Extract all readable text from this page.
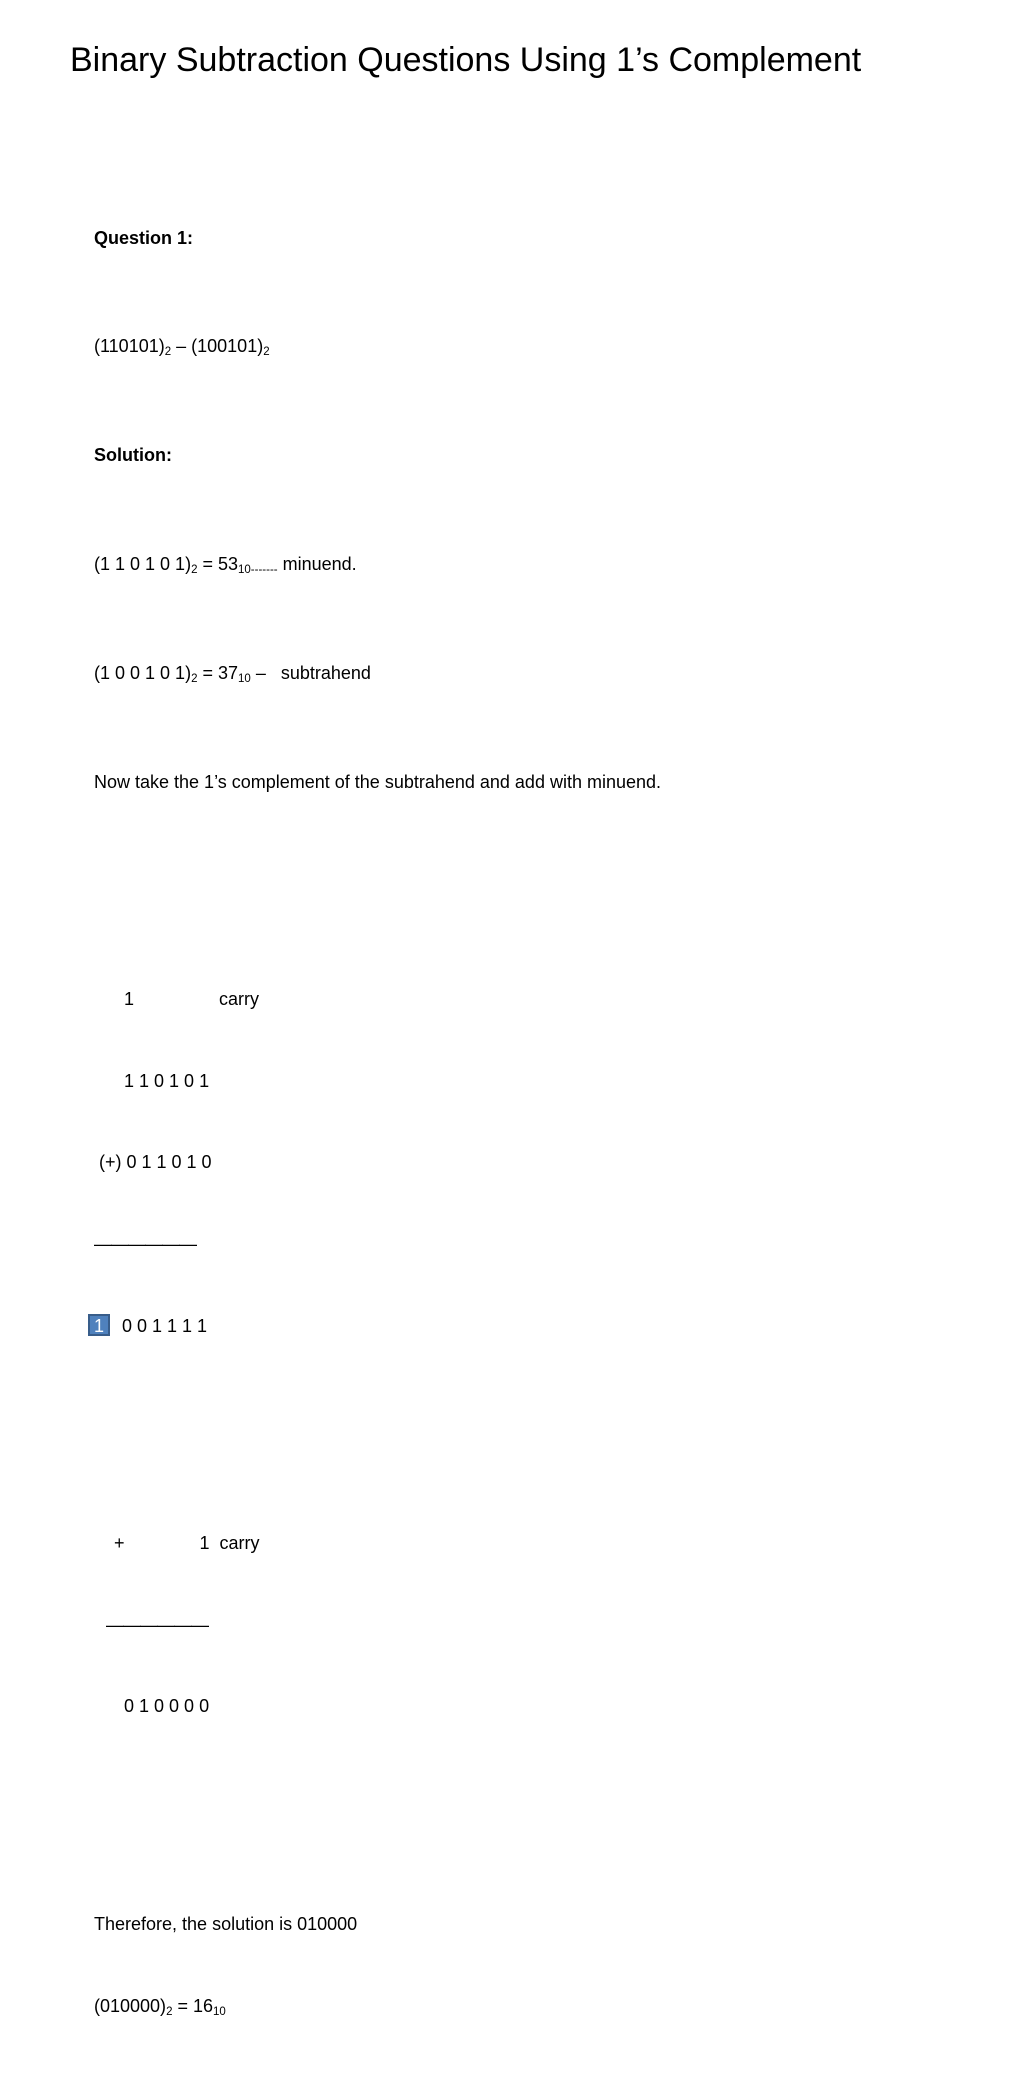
Binary Subtraction Questions Using 1’s Complement

Question 1:

$(110101)_2 - (100101)_2$

Solution:

(1 1 0 1 0 $1)_2 = 53_{10-------}$ minuend.

(1 0 0 1 0 $1)_2 = 37_{10}$ –   subtrahend

Now take the 1’s complement of the subtrahend and add with minuend.

1                 carry

1 1 0 1 0 1

(+) 0 1 1 0 1 0

——————

1	0 0 1 1 1 1

+               1  carry

——————

0 1 0 0 0 0

Therefore, the solution is 010000

$(010000)_2 = 16_{10}$
